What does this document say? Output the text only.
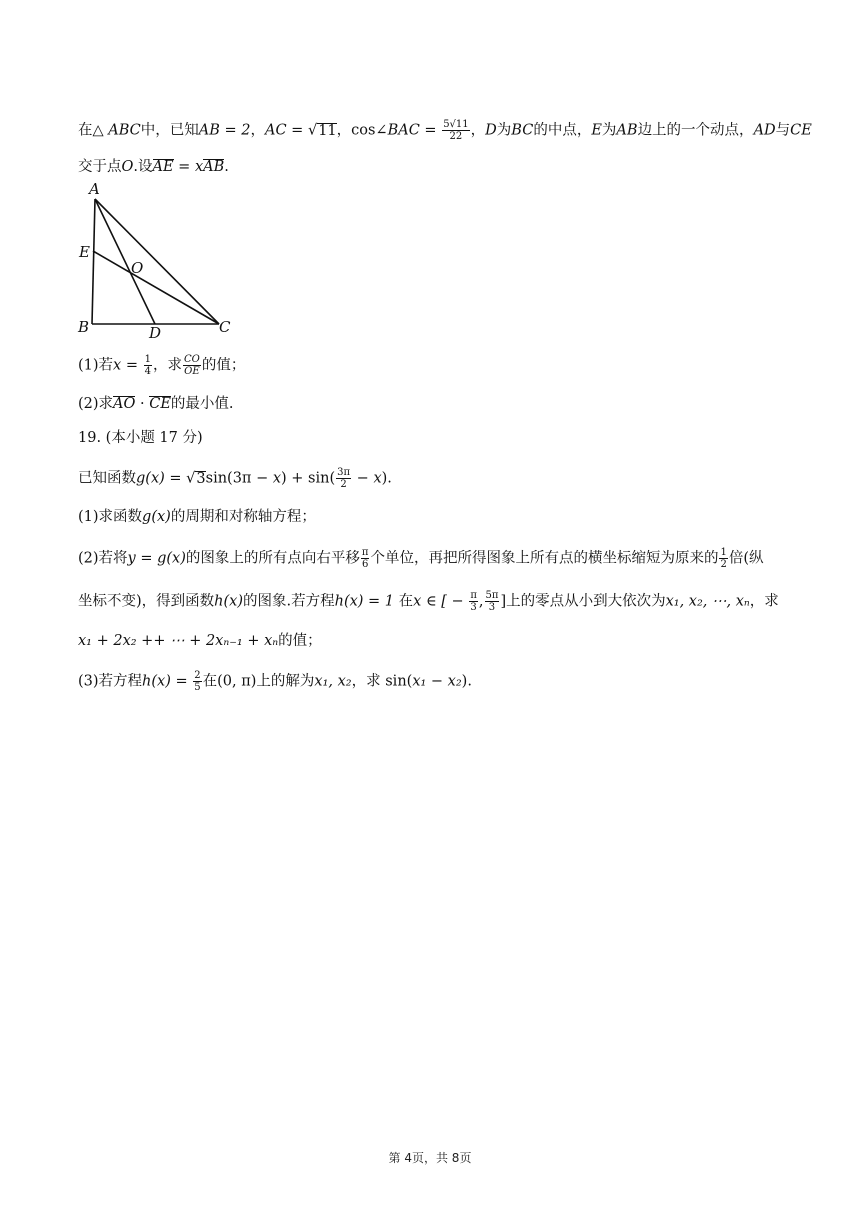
在△ ABC中，已知AB = 2，AC = √11，cos∠BAC = $\frac{5√11}{22}$ ，D为BC的中点，E为AB边上的一个动点，AD与CE
交于点O.设AE = xAB.
A
E
O
B	D	C
(1)若$x = \frac{1}{4}$ ，求 $\frac{CO}{OE}$ 的值；
(2)求AO · CE的最小值.
19. (本小题 17 分)
已知函数$g(x) = √3\sin(3\pi - x) + \sin( \frac{3\pi}{2} - x)$.
(1)求函数g(x)的周期和对称轴方程；
(2)若将y = g(x)的图象上的所有点向右平移 $\frac{\pi}{6}$ 个单位，再把所得图象上所有点的横坐标缩短为原来的 $\frac{1}{2}$ 倍(纵
坐标不变)，得到函数h(x)的图象.若方程h(x) = 1 在x ∈ [ − $\frac{\pi}{3}$ , $\frac{5\pi}{3}$ ]上的零点从小到大依次为x₁, x₂, ⋯, xₙ，求
x₁ + 2x₂ ++ ⋯ + 2xₙ₋₁ + xₙ的值；
(3)若方程$h(x) = \frac{2}{5}$ 在(0, π)上的解为x₁, x₂，求 sin(x₁ − x₂).
第 4页，共 8页
